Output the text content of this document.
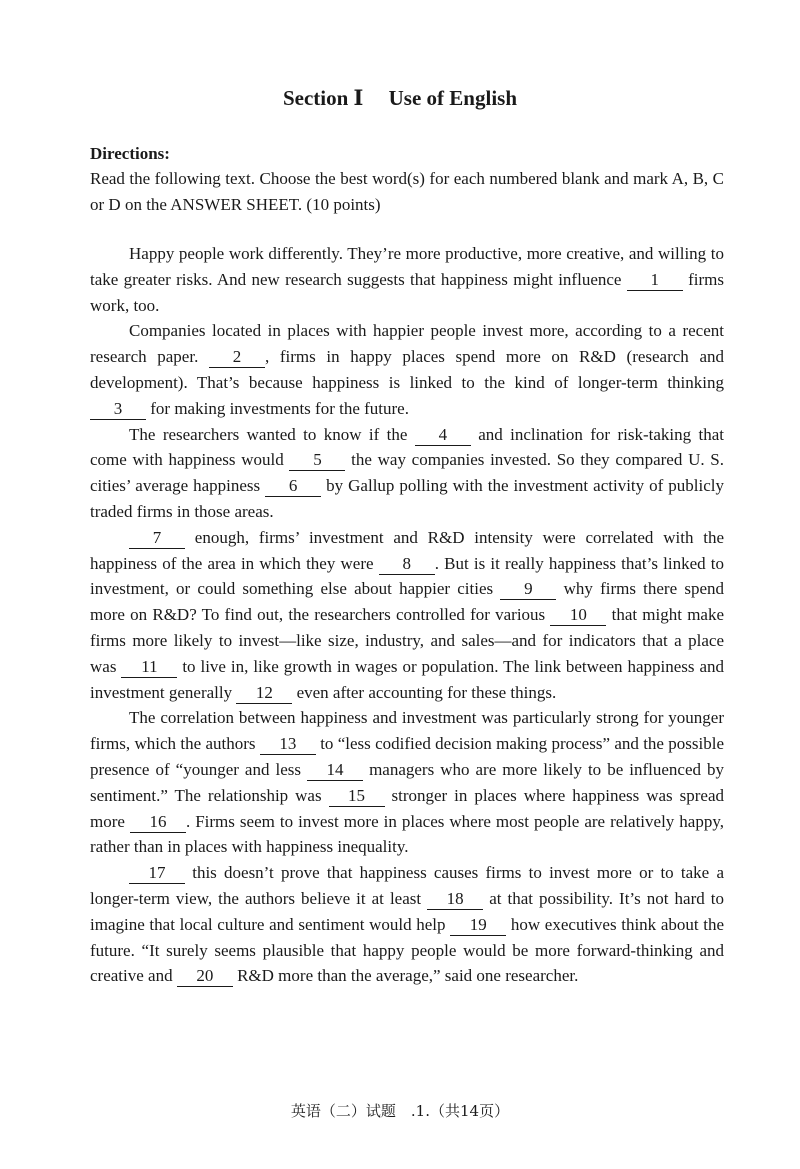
Section Ⅰ Use of English
Directions:
Read the following text. Choose the best word(s) for each numbered blank and mark A, B, C or D on the ANSWER SHEET. (10 points)

Happy people work differently. They’re more productive, more creative, and willing to take greater risks. And new research suggests that happiness might influence 1 firms work, too.

Companies located in places with happier people invest more, according to a recent research paper. 2 , firms in happy places spend more on R&D (research and development). That’s because happiness is linked to the kind of longer-term thinking 3 for making investments for the future.

The researchers wanted to know if the 4 and inclination for risk-taking that come with happiness would 5 the way companies invested. So they compared U. S. cities’ average happiness 6 by Gallup polling with the investment activity of publicly traded firms in those areas.

7 enough, firms’ investment and R&D intensity were correlated with the happiness of the area in which they were 8 . But is it really happiness that’s linked to investment, or could something else about happier cities 9 why firms there spend more on R&D? To find out, the researchers controlled for various 10 that might make firms more likely to invest—like size, industry, and sales—and for indicators that a place was 11 to live in, like growth in wages or population. The link between happiness and investment generally 12 even after accounting for these things.

The correlation between happiness and investment was particularly strong for younger firms, which the authors 13 to “less codified decision making process” and the possible presence of “younger and less 14 managers who are more likely to be influenced by sentiment.” The relationship was 15 stronger in places where happiness was spread more 16 . Firms seem to invest more in places where most people are relatively happy, rather than in places with happiness inequality.

17 this doesn’t prove that happiness causes firms to invest more or to take a longer-term view, the authors believe it at least 18 at that possibility. It’s not hard to imagine that local culture and sentiment would help 19 how executives think about the future. “It surely seems plausible that happy people would be more forward-thinking and creative and 20 R&D more than the average,” said one researcher.

英语（二）试题　.1.（共14页）
